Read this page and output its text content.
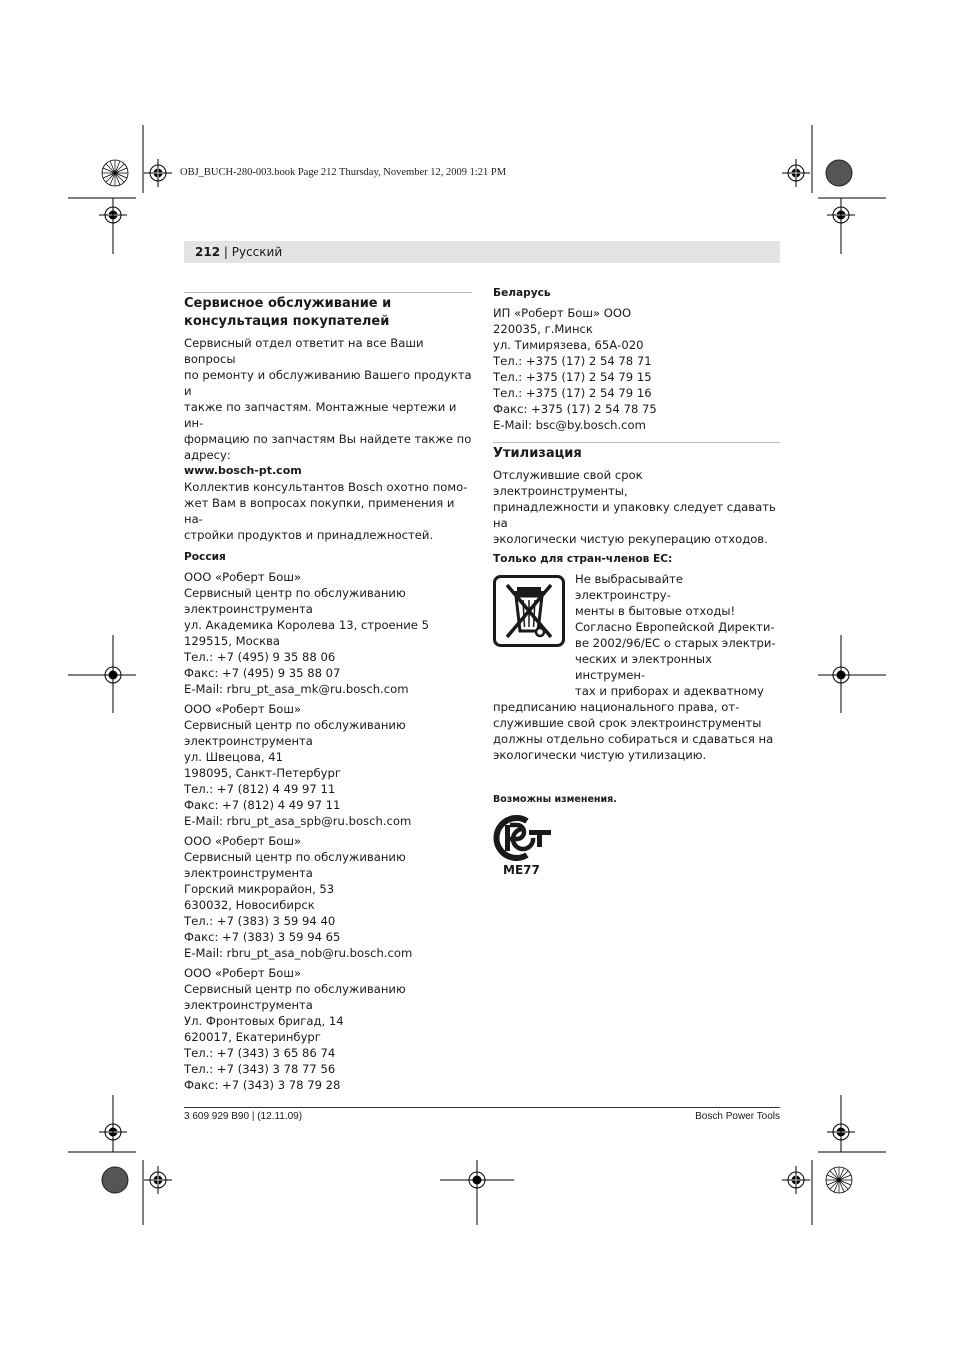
OBJ_BUCH-280-003.book Page 212 Thursday, November 12, 2009 1:21 PM
212 | Русский
Сервисное обслуживание и
консультация покупателей

Сервисный отдел ответит на все Ваши вопросы
по ремонту и обслуживанию Вашего продукта и
также по запчастям. Монтажные чертежи и ин-
формацию по запчастям Вы найдете также по
адресу:

www.bosch-pt.com

Коллектив консультантов Bosch охотно помо-
жет Вам в вопросах покупки, применения и на-
стройки продуктов и принадлежностей.

Россия

ООО «Роберт Бош»
Сервисный центр по обслуживанию
электроинструмента
ул. Академика Королева 13, строение 5
129515, Москва
Тел.: +7 (495) 9 35 88 06
Факс: +7 (495) 9 35 88 07
E-Mail: rbru_pt_asa_mk@ru.bosch.com

ООО «Роберт Бош»
Сервисный центр по обслуживанию
электроинструмента
ул. Швецова, 41
198095, Санкт-Петербург
Тел.: +7 (812) 4 49 97 11
Факс: +7 (812) 4 49 97 11
E-Mail: rbru_pt_asa_spb@ru.bosch.com

ООО «Роберт Бош»
Сервисный центр по обслуживанию
электроинструмента
Горский микрорайон, 53
630032, Новосибирск
Тел.: +7 (383) 3 59 94 40
Факс: +7 (383) 3 59 94 65
E-Mail: rbru_pt_asa_nob@ru.bosch.com

ООО «Роберт Бош»
Сервисный центр по обслуживанию
электроинструмента
Ул. Фронтовых бригад, 14
620017, Екатеринбург
Тел.: +7 (343) 3 65 86 74
Тел.: +7 (343) 3 78 77 56
Факс: +7 (343) 3 78 79 28

Беларусь

ИП «Роберт Бош» ООО
220035, г.Минск
ул. Тимирязева, 65А-020
Тел.: +375 (17) 2 54 78 71
Тел.: +375 (17) 2 54 79 15
Тел.: +375 (17) 2 54 79 16
Факс: +375 (17) 2 54 78 75
E-Mail: bsc@by.bosch.com

Утилизация

Отслужившие свой срок электроинструменты,
принадлежности и упаковку следует сдавать на
экологически чистую рекуперацию отходов.

Только для стран-членов ЕС:

Не выбрасывайте электроинстру-
менты в бытовые отходы!
Согласно Европейской Директи-
ве 2002/96/ЕС о старых электри-
ческих и электронных инструмен-
тах и приборах и адекватному

предписанию национального права, от-
служившие свой срок электроинструменты
должны отдельно собираться и сдаваться на
экологически чистую утилизацию.

Возможны изменения.
ME77
3 609 929 B90 | (12.11.09)	Bosch Power Tools
